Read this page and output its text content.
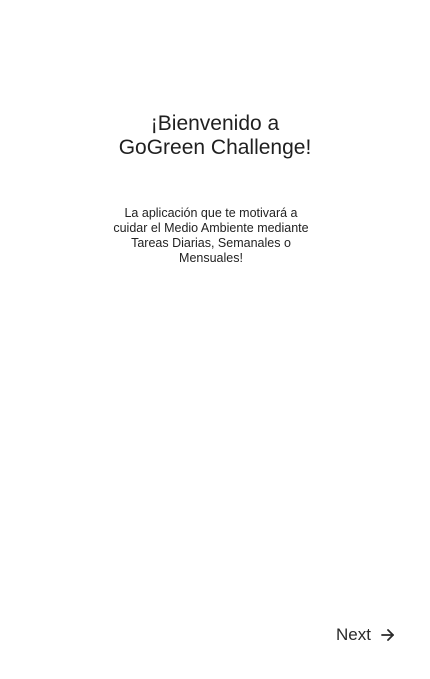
¡Bienvenido a
GoGreen Challenge!

La aplicación que te motivará a cuidar el Medio Ambiente mediante Tareas Diarias, Semanales o Mensuales!

Next
